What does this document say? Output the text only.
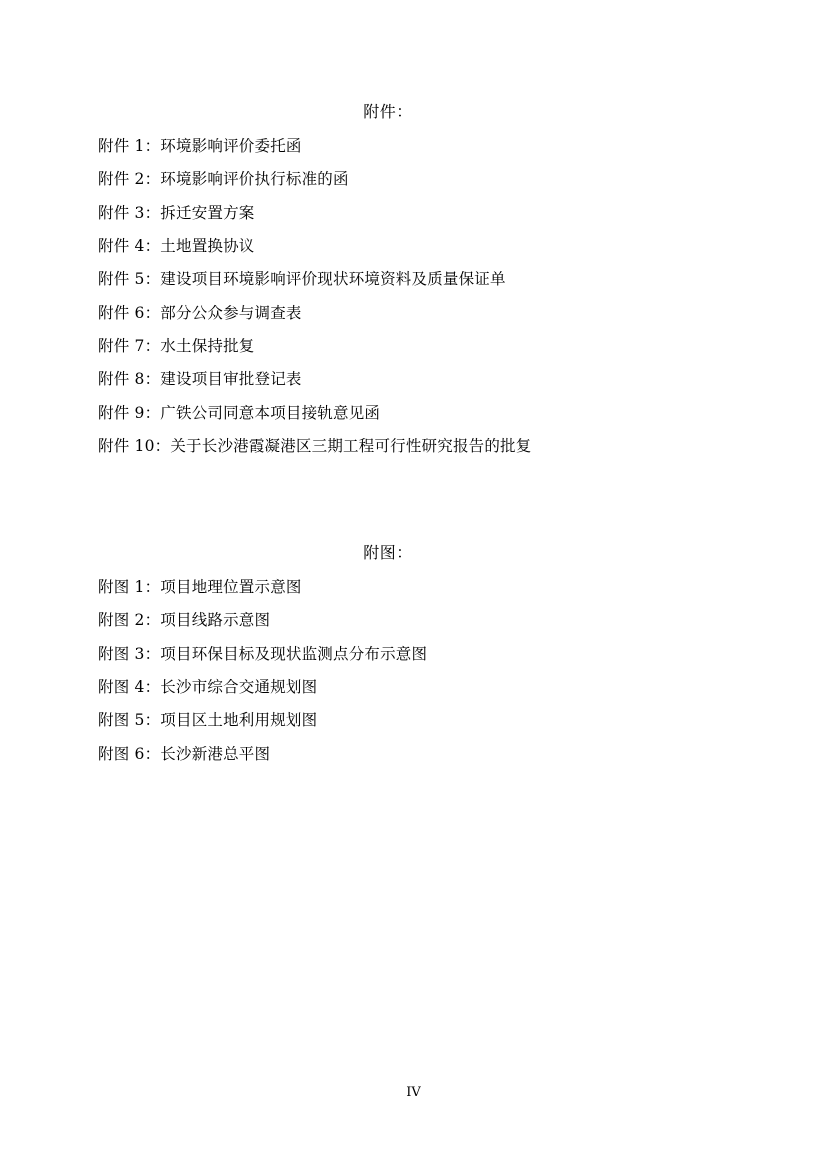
附件：

附件 1：环境影响评价委托函
附件 2：环境影响评价执行标准的函
附件 3：拆迁安置方案
附件 4：土地置换协议
附件 5：建设项目环境影响评价现状环境资料及质量保证单
附件 6：部分公众参与调查表
附件 7：水土保持批复
附件 8：建设项目审批登记表
附件 9：广铁公司同意本项目接轨意见函
附件 10：关于长沙港霞凝港区三期工程可行性研究报告的批复

附图：

附图 1：项目地理位置示意图
附图 2：项目线路示意图
附图 3：项目环保目标及现状监测点分布示意图
附图 4：长沙市综合交通规划图
附图 5：项目区土地利用规划图
附图 6：长沙新港总平图
IV
